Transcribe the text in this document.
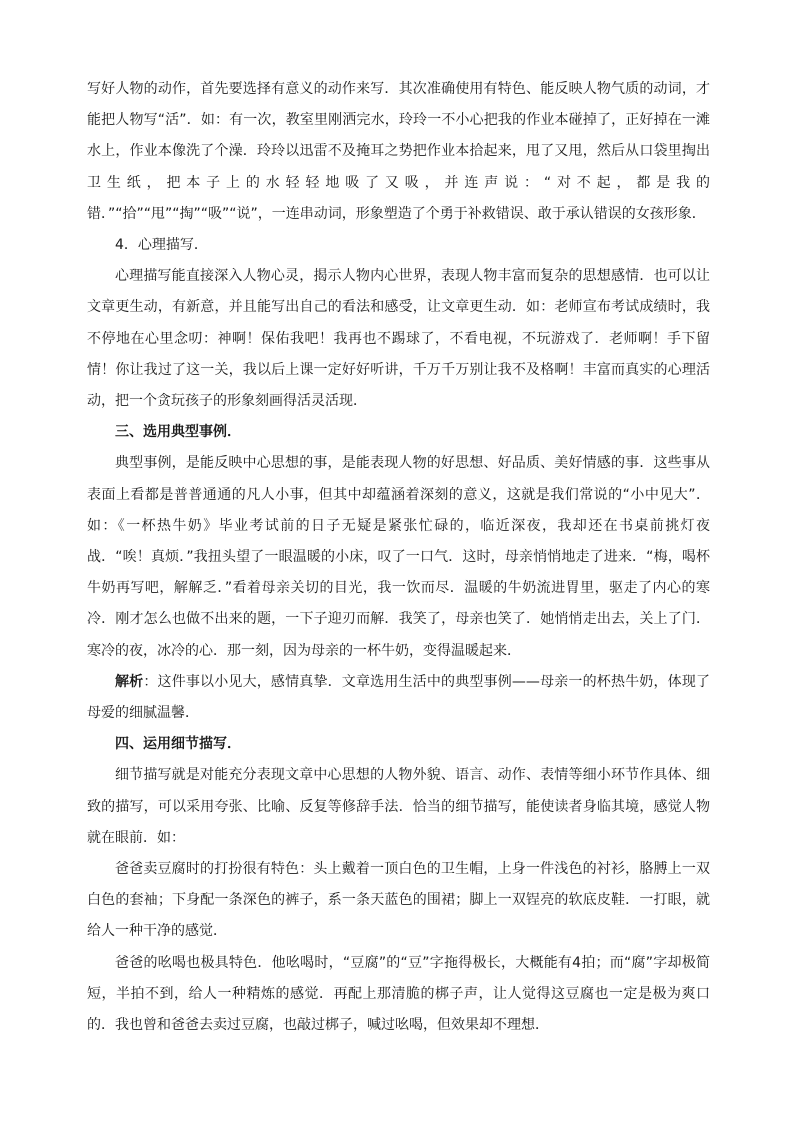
写好人物的动作，首先要选择有意义的动作来写．其次准确使用有特色、能反映人物气质的动词，才能把人物写“活”．如：有一次，教室里刚洒完水，玲玲一不小心把我的作业本碰掉了，正好掉在一滩水上，作业本像洗了个澡．玲玲以迅雷不及掩耳之势把作业本拾起来，甩了又甩，然后从口袋里掏出卫生纸，把本子上的水轻轻地吸了又吸，并连声说：“对不起，都是我的错．”“拾”“甩”“掏”“吸”“说”，一连串动词，形象塑造了个勇于补救错误、敢于承认错误的女孩形象．

4．心理描写．

心理描写能直接深入人物心灵，揭示人物内心世界，表现人物丰富而复杂的思想感情．也可以让文章更生动，有新意，并且能写出自己的看法和感受，让文章更生动．如：老师宣布考试成绩时，我不停地在心里念叨：神啊！保佑我吧！我再也不踢球了，不看电视，不玩游戏了．老师啊！手下留情！你让我过了这一关，我以后上课一定好好听讲，千万千万别让我不及格啊！丰富而真实的心理活动，把一个贪玩孩子的形象刻画得活灵活现．

三、选用典型事例．

典型事例，是能反映中心思想的事，是能表现人物的好思想、好品质、美好情感的事．这些事从表面上看都是普普通通的凡人小事，但其中却蕴涵着深刻的意义，这就是我们常说的“小中见大”．如：《一杯热牛奶》毕业考试前的日子无疑是紧张忙碌的，临近深夜，我却还在书桌前挑灯夜战．“唉！真烦．”我扭头望了一眼温暖的小床，叹了一口气．这时，母亲悄悄地走了进来．“梅，喝杯牛奶再写吧，解解乏．”看着母亲关切的目光，我一饮而尽．温暖的牛奶流进胃里，驱走了内心的寒冷．刚才怎么也做不出来的题，一下子迎刃而解．我笑了，母亲也笑了．她悄悄走出去，关上了门．寒冷的夜，冰冷的心．那一刻，因为母亲的一杯牛奶，变得温暖起来．

解析：这件事以小见大，感情真挚．文章选用生活中的典型事例——母亲一的杯热牛奶，体现了母爱的细腻温馨．

四、运用细节描写．

细节描写就是对能充分表现文章中心思想的人物外貌、语言、动作、表情等细小环节作具体、细致的描写，可以采用夸张、比喻、反复等修辞手法．恰当的细节描写，能使读者身临其境，感觉人物就在眼前．如：

爸爸卖豆腐时的打扮很有特色：头上戴着一顶白色的卫生帽，上身一件浅色的衬衫，胳膊上一双白色的套袖；下身配一条深色的裤子，系一条天蓝色的围裙；脚上一双锃亮的软底皮鞋．一打眼，就给人一种干净的感觉．

爸爸的吆喝也极具特色．他吆喝时，“豆腐”的“豆”字拖得极长，大概能有4拍；而“腐”字却极简短，半拍不到，给人一种精炼的感觉．再配上那清脆的梆子声，让人觉得这豆腐也一定是极为爽口的．我也曾和爸爸去卖过豆腐，也敲过梆子，喊过吆喝，但效果却不理想．
